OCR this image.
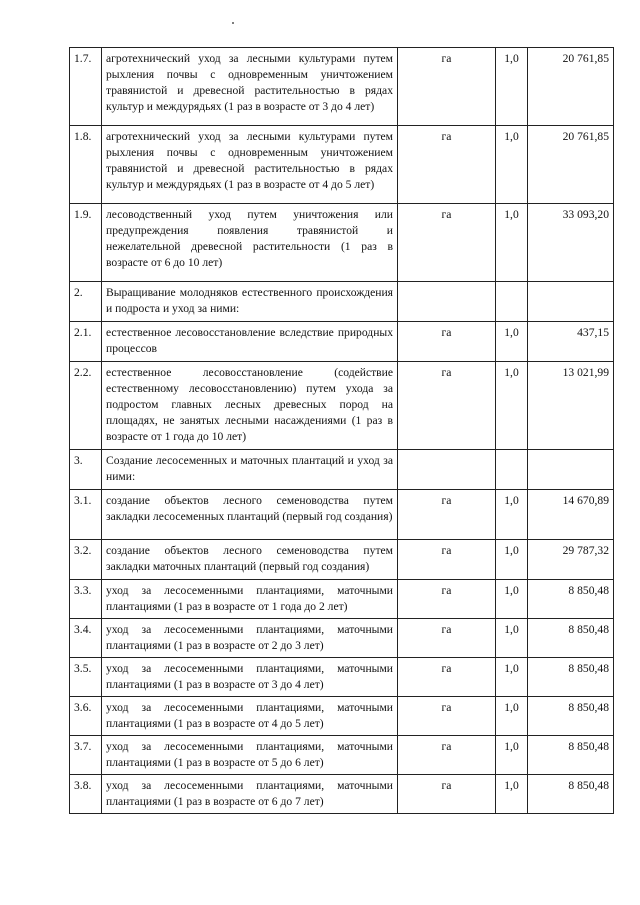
1.7.	агротехнический уход за лесными культурами путем рыхления почвы с одновременным уничтожением травянистой и древесной растительностью в рядах культур и междурядьях (1 раз в возрасте от 3 до 4 лет)	га	1,0	20 761,85
1.8.	агротехнический уход за лесными культурами путем рыхления почвы с одновременным уничтожением травянистой и древесной растительностью в рядах культур и междурядьях (1 раз в возрасте от 4 до 5 лет)	га	1,0	20 761,85
1.9.	лесоводственный уход путем уничтожения или предупреждения появления травянистой и нежелательной древесной растительности (1 раз в возрасте от 6 до 10 лет)	га	1,0	33 093,20
2.	Выращивание молодняков естественного происхождения и подроста и уход за ними:			
2.1.	естественное лесовосстановление вследствие природных процессов	га	1,0	437,15
2.2.	естественное лесовосстановление (содействие естественному лесовосстановлению) путем ухода за подростом главных лесных древесных пород на площадях, не занятых лесными насаждениями (1 раз в возрасте от 1 года до 10 лет)	га	1,0	13 021,99
3.	Создание лесосеменных и маточных плантаций и уход за ними:			
3.1.	создание объектов лесного семеноводства путем закладки лесосеменных плантаций (первый год создания)	га	1,0	14 670,89
3.2.	создание объектов лесного семеноводства путем закладки маточных плантаций (первый год создания)	га	1,0	29 787,32
3.3.	уход за лесосеменными плантациями, маточными плантациями (1 раз в возрасте от 1 года до 2 лет)	га	1,0	8 850,48
3.4.	уход за лесосеменными плантациями, маточными плантациями (1 раз в возрасте от 2 до 3 лет)	га	1,0	8 850,48
3.5.	уход за лесосеменными плантациями, маточными плантациями (1 раз в возрасте от 3 до 4 лет)	га	1,0	8 850,48
3.6.	уход за лесосеменными плантациями, маточными плантациями (1 раз в возрасте от 4 до 5 лет)	га	1,0	8 850,48
3.7.	уход за лесосеменными плантациями, маточными плантациями (1 раз в возрасте от 5 до 6 лет)	га	1,0	8 850,48
3.8.	уход за лесосеменными плантациями, маточными плантациями (1 раз в возрасте от 6 до 7 лет)	га	1,0	8 850,48
